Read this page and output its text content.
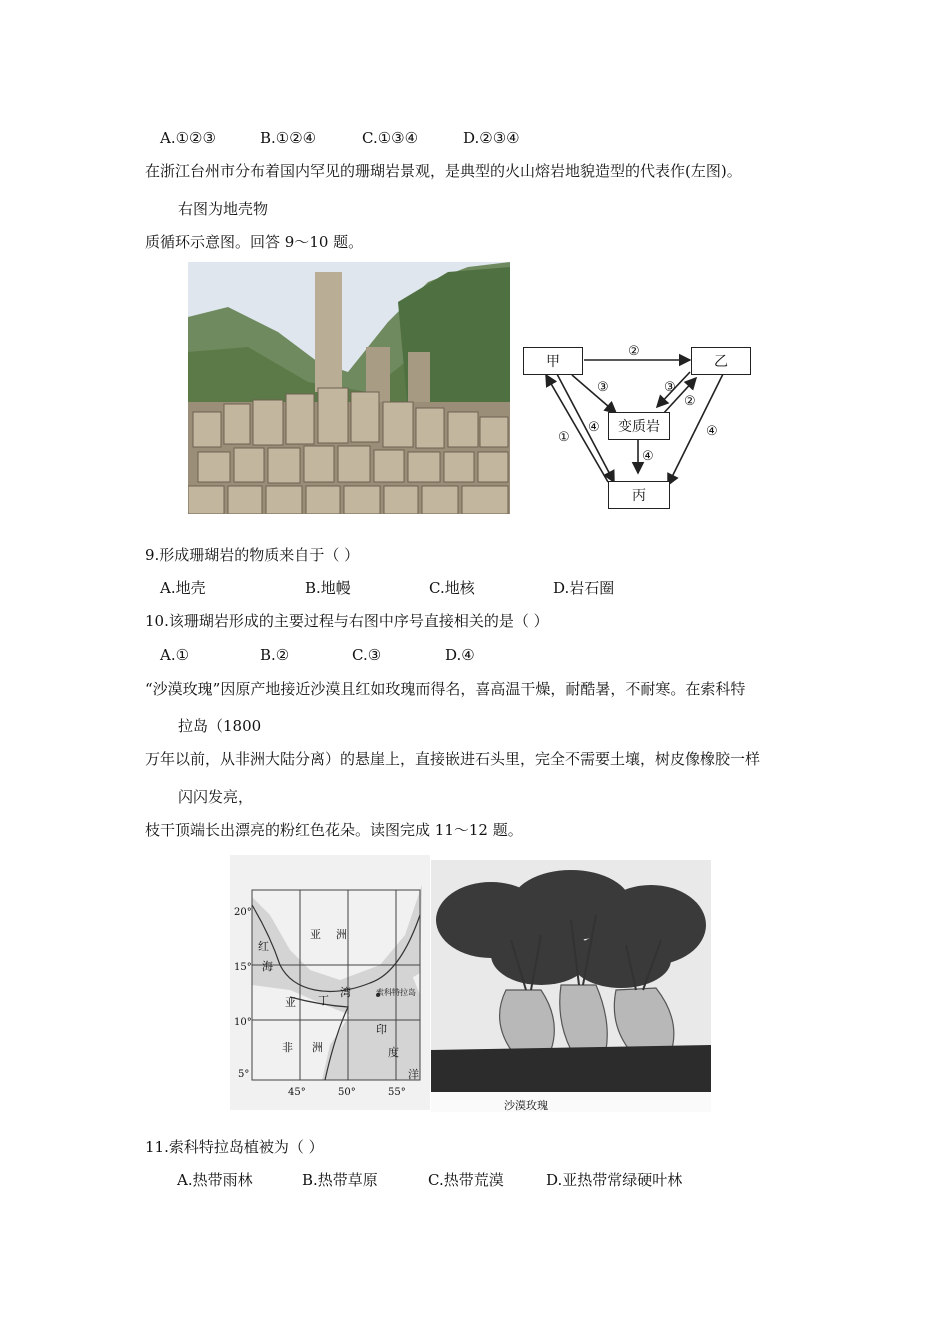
A.①②③	B.①②④	C.①③④	D.②③④
在浙江台州市分布着国内罕见的珊瑚岩景观，是典型的火山熔岩地貌造型的代表作(左图)。
右图为地壳物
质循环示意图。回答 9～10 题。
甲	乙
变质岩
丙
②
③	③
②
④
①
④
④
9.形成珊瑚岩的物质来自于（ ）
A.地壳	B.地幔	C.地核	D.岩石圈
10.该珊瑚岩形成的主要过程与右图中序号直接相关的是（ ）
A.①	B.②	C.③	D.④
“沙漠玫瑰”因原产地接近沙漠且红如玫瑰而得名，喜高温干燥，耐酷暑，不耐寒。在索科特
拉岛（1800
万年以前，从非洲大陆分离）的悬崖上，直接嵌进石头里，完全不需要土壤，树皮像橡胶一样
闪闪发亮，
枝干顶端长出漂亮的粉红色花朵。读图完成 11～12 题。
20°
15°
10°
5°
45°	50°	55°
亚 洲
红
海
亚 丁
湾	索科特拉岛
非 洲
印
度
洋
沙漠玫瑰
11.索科特拉岛植被为（ ）
A.热带雨林	B.热带草原	C.热带荒漠	D.亚热带常绿硬叶林
